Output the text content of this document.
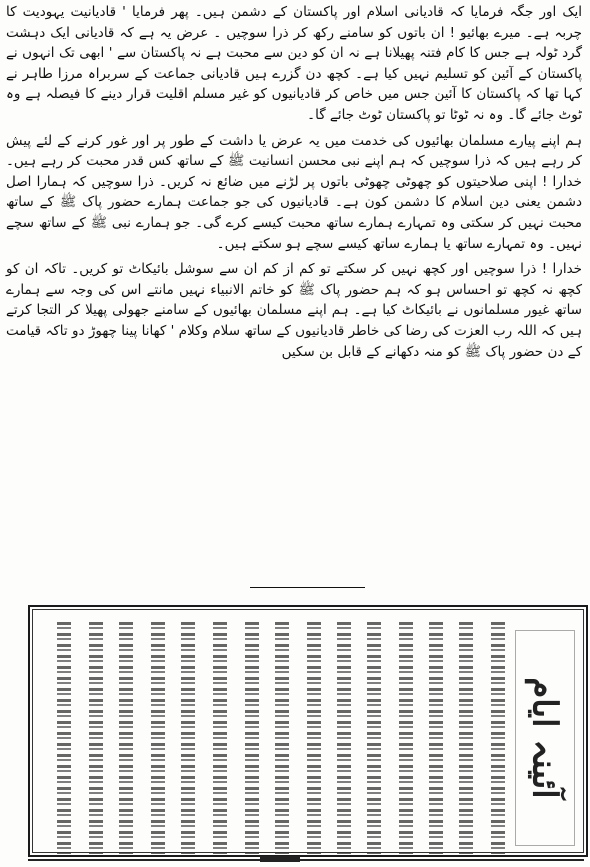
ایک اور جگہ فرمایا کہ قادیانی اسلام اور پاکستان کے دشمن ہیں۔ پھر فرمایا ' قادیانیت یہودیت کا چربہ ہے۔ میرے بھائیو ! ان باتوں کو سامنے رکھ کر ذرا سوچیں ۔ عرض یہ ہے کہ قادیانی ایک دہشت گرد ٹولہ ہے جس کا کام فتنہ پھیلانا ہے نہ ان کو دین سے محبت ہے نہ پاکستان سے ' ابھی تک انہوں نے پاکستان کے آئین کو تسلیم نہیں کیا ہے۔ کچھ دن گزرے ہیں قادیانی جماعت کے سربراہ مرزا طاہر نے کہا تھا کہ پاکستان کا آئین جس میں خاص کر قادیانیوں کو غیر مسلم اقلیت قرار دینے کا فیصلہ ہے وہ ٹوٹ جائے گا۔ وہ نہ ٹوٹا تو پاکستان ٹوٹ جائے گا۔

ہم اپنے پیارے مسلمان بھائیوں کی خدمت میں یہ عرض یا داشت کے طور پر اور غور کرنے کے لئے پیش کر رہے ہیں کہ ذرا سوچیں کہ ہم اپنے نبی محسن انسانیت ﷺ کے ساتھ کس قدر محبت کر رہے ہیں۔ خدارا ! اپنی صلاحیتوں کو چھوٹی چھوٹی باتوں پر لڑنے میں ضائع نہ کریں۔ ذرا سوچیں کہ ہمارا اصل دشمن یعنی دین اسلام کا دشمن کون ہے۔ قادیانیوں کی جو جماعت ہمارے حضور پاک ﷺ کے ساتھ محبت نہیں کر سکتی وہ تمہارے ہمارے ساتھ محبت کیسے کرے گی۔ جو ہمارے نبی ﷺ کے ساتھ سچے نہیں۔ وہ تمہارے ساتھ یا ہمارے ساتھ کیسے سچے ہو سکتے ہیں۔

خدارا ! ذرا سوچیں اور کچھ نہیں کر سکتے تو کم از کم ان سے سوشل بائیکاٹ تو کریں۔ تاکہ ان کو کچھ نہ کچھ تو احساس ہو کہ ہم حضور پاک ﷺ کو خاتم الانبیاء نہیں مانتے اس کی وجہ سے ہمارے ساتھ غیور مسلمانوں نے بائیکاٹ کیا ہے۔ ہم اپنے مسلمان بھائیوں کے سامنے جھولی پھیلا کر التجا کرتے ہیں کہ اللہ رب العزت کی رضا کی خاطر قادیانیوں کے ساتھ سلام وکلام ' کھانا پینا چھوڑ دو تاکہ قیامت کے دن حضور پاک ﷺ کو منہ دکھانے کے قابل بن سکیں

آئینہ ایام
